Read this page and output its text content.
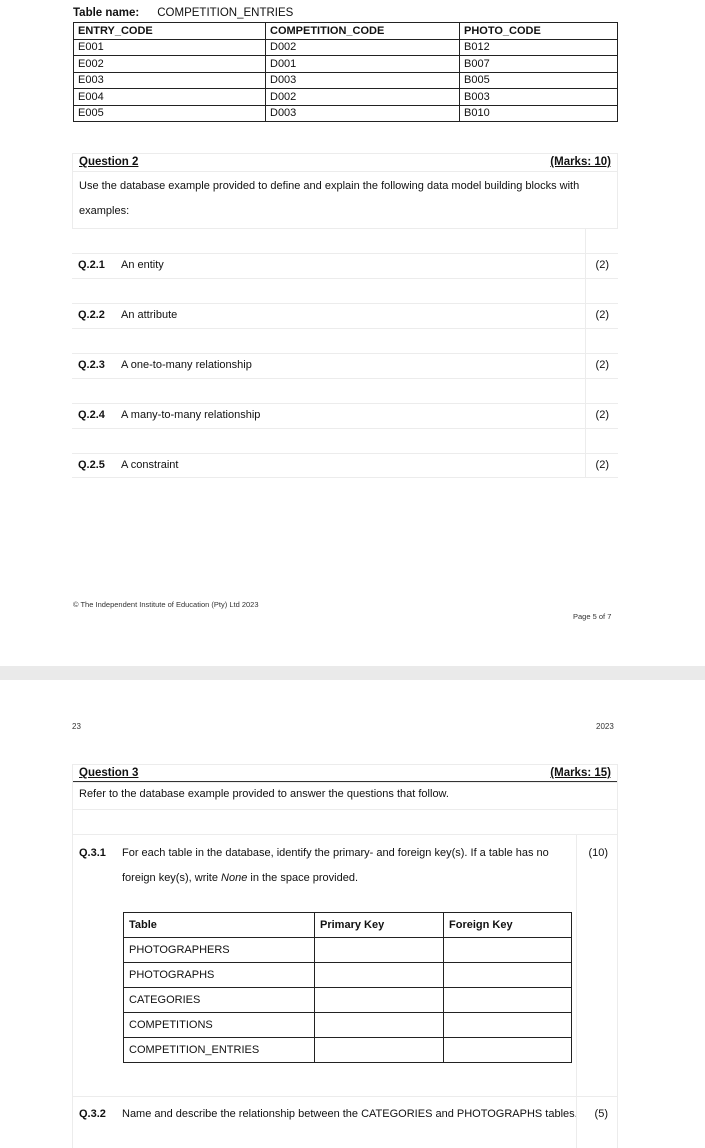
Table name: COMPETITION_ENTRIES
ENTRY_CODE	COMPETITION_CODE	PHOTO_CODE
E001	D002	B012
E002	D001	B007
E003	D003	B005
E004	D002	B003
E005	D003	B010
Question 2	(Marks: 10)
Use the database example provided to define and explain the following data model building blocks with examples:
Q.2.1 An entity	(2)
Q.2.2 An attribute	(2)
Q.2.3 A one-to-many relationship	(2)
Q.2.4 A many-to-many relationship	(2)
Q.2.5 A constraint	(2)
© The Independent Institute of Education (Pty) Ltd 2023
Page 5 of 7
23	2023
Question 3	(Marks: 15)
Refer to the database example provided to answer the questions that follow.
Q.3.1 For each table in the database, identify the primary- and foreign key(s). If a table has no foreign key(s), write None in the space provided.
(10)
Q.3.2 Name and describe the relationship between the CATEGORIES and PHOTOGRAPHS tables. (5)
Table	Primary Key	Foreign Key
PHOTOGRAPHERS		
PHOTOGRAPHS		
CATEGORIES		
COMPETITIONS		
COMPETITION_ENTRIES		
